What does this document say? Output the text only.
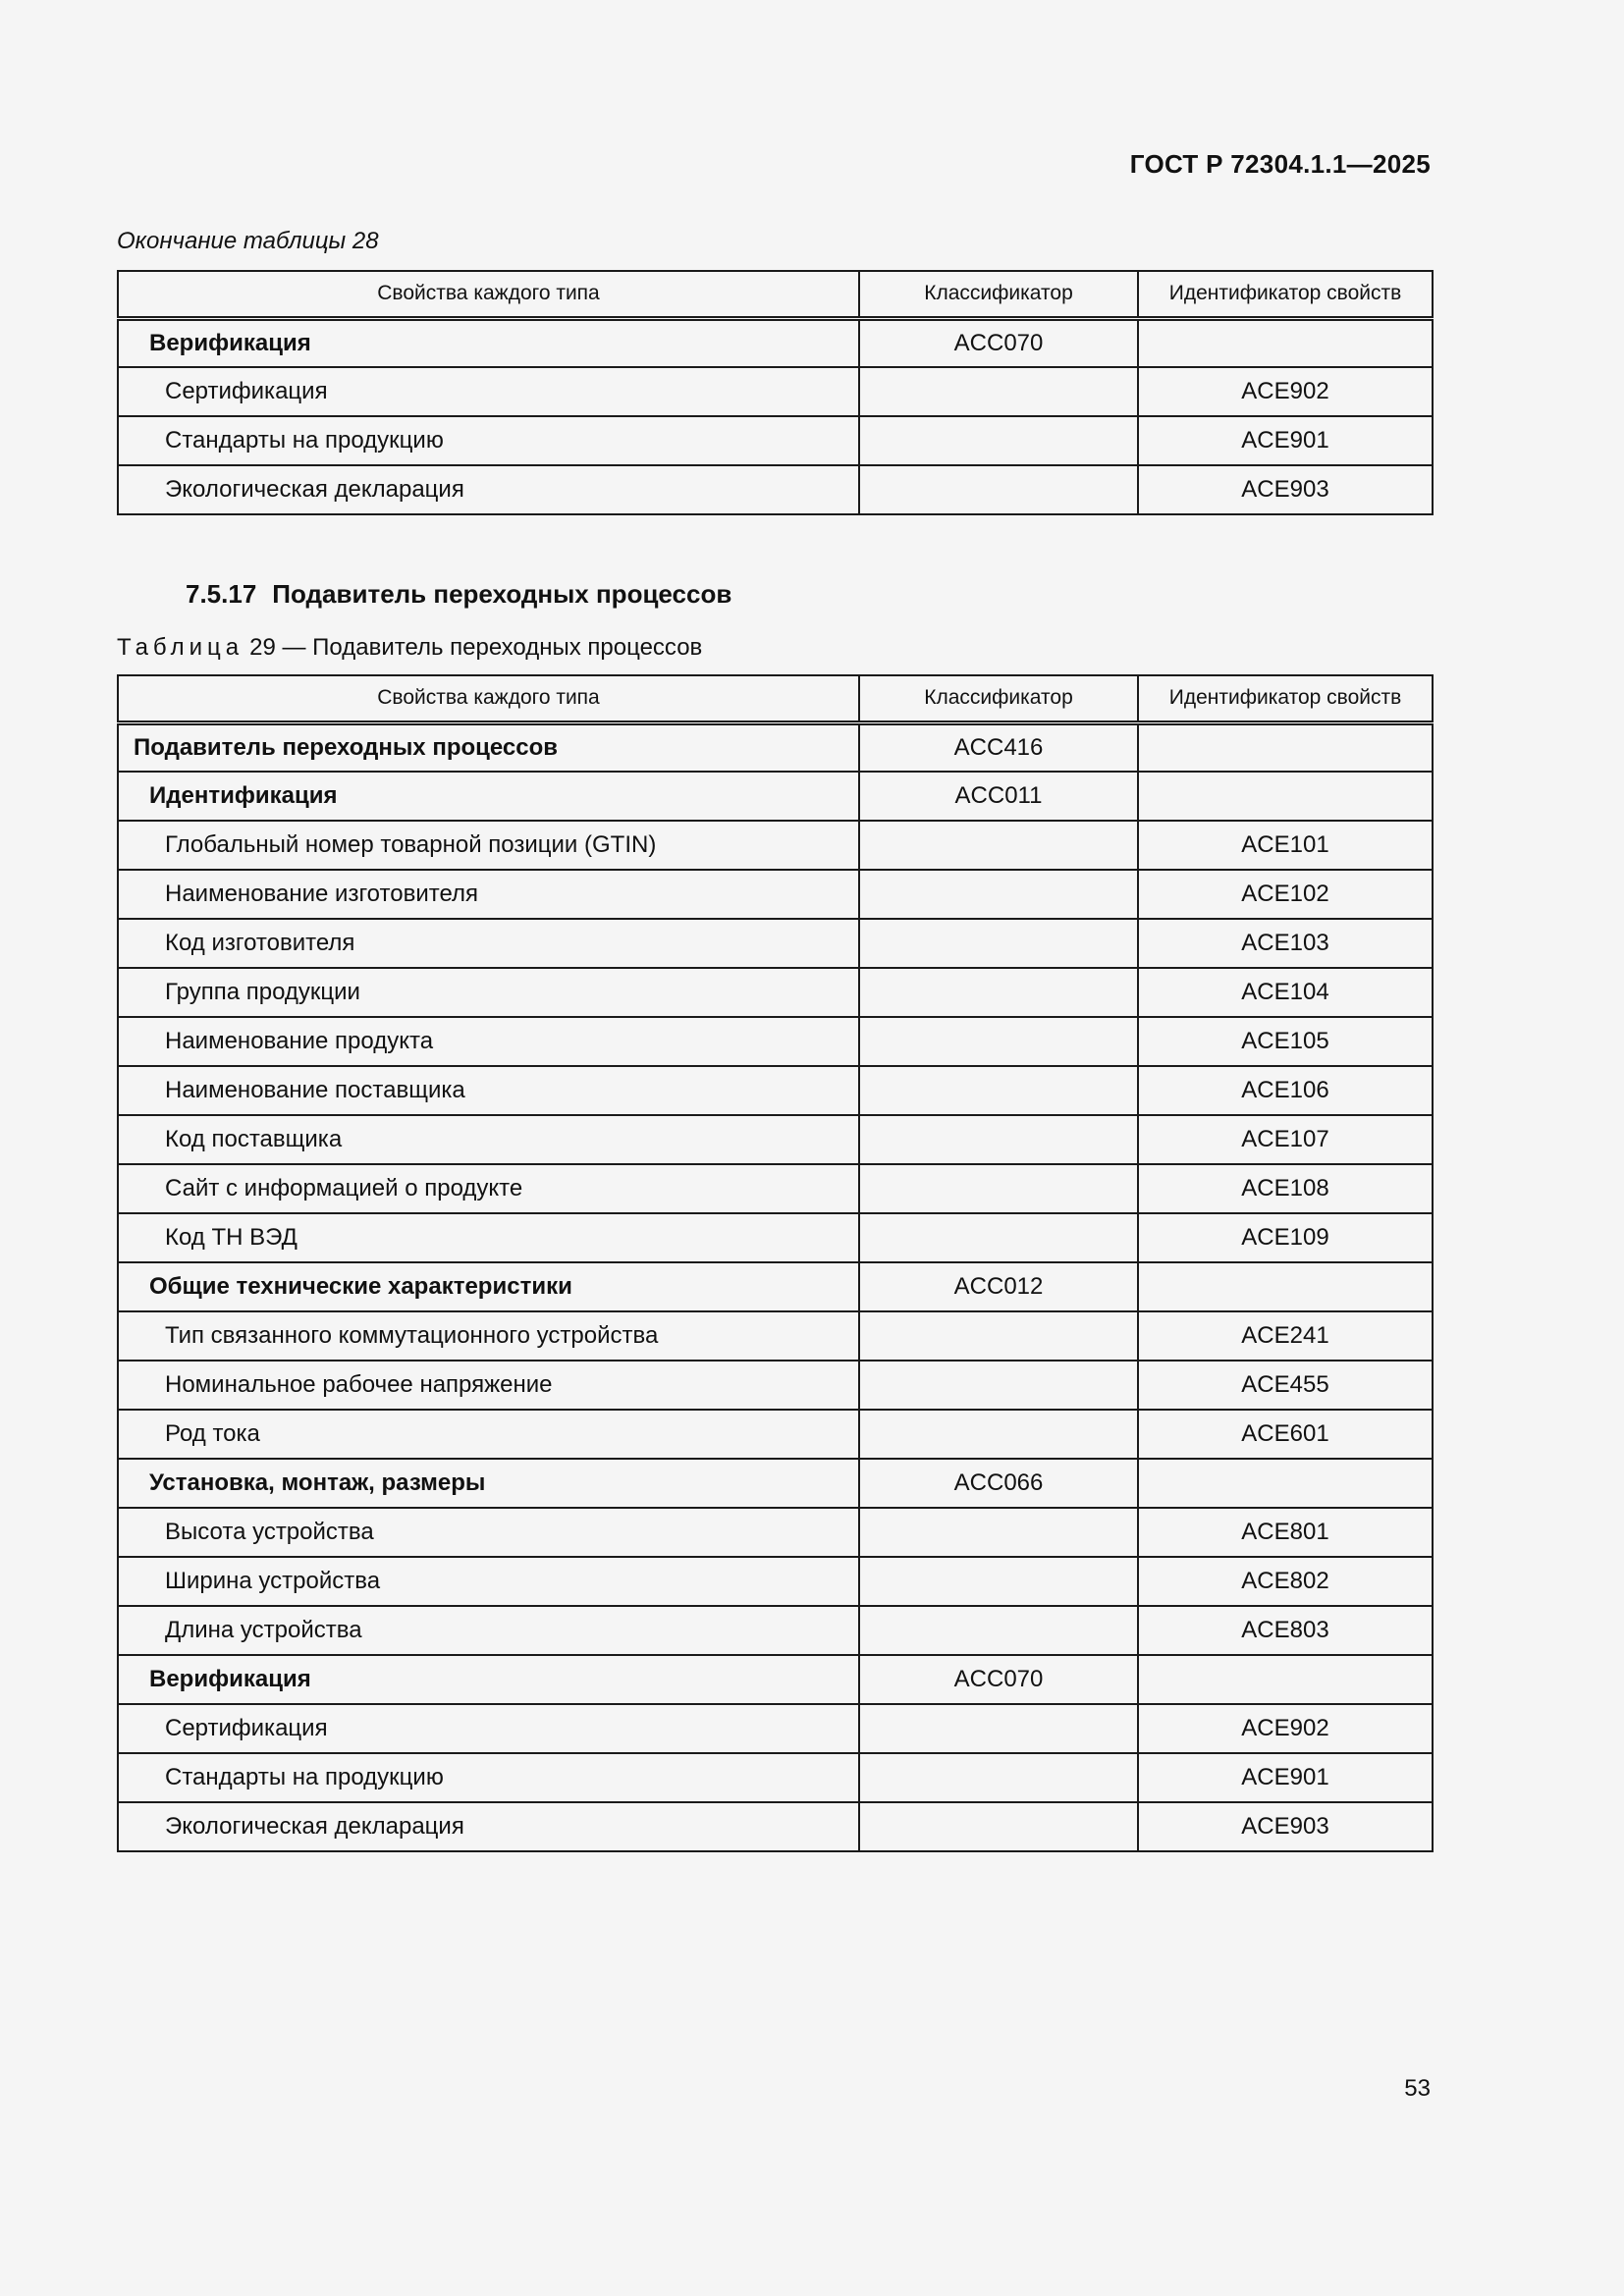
ГОСТ Р 72304.1.1—2025
Окончание таблицы 28
Свойства каждого типа	Классификатор	Идентификатор свойств
Верификация	ACC070	
Сертификация		ACE902
Стандарты на продукцию		ACE901
Экологическая декларация		ACE903
7.5.17 Подавитель переходных процессов
Таблица 29 — Подавитель переходных процессов
Свойства каждого типа	Классификатор	Идентификатор свойств
Подавитель переходных процессов	ACC416	
Идентификация	ACC011	
Глобальный номер товарной позиции (GTIN)		ACE101
Наименование изготовителя		ACE102
Код изготовителя		ACE103
Группа продукции		ACE104
Наименование продукта		ACE105
Наименование поставщика		ACE106
Код поставщика		ACE107
Сайт с информацией о продукте		ACE108
Код ТН ВЭД		ACE109
Общие технические характеристики	ACC012	
Тип связанного коммутационного устройства		ACE241
Номинальное рабочее напряжение		ACE455
Род тока		ACE601
Установка, монтаж, размеры	ACC066	
Высота устройства		ACE801
Ширина устройства		ACE802
Длина устройства		ACE803
Верификация	ACC070	
Сертификация		ACE902
Стандарты на продукцию		ACE901
Экологическая декларация		ACE903
53
